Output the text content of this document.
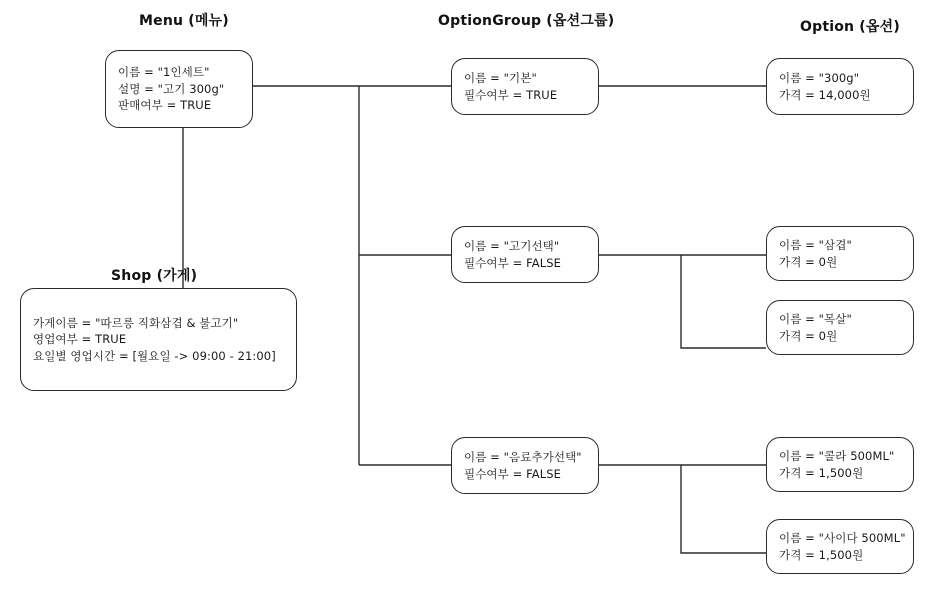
Menu (메뉴)	OptionGroup (옵션그룹)	Option (옵션)
Shop (가게)
이름 = "1인세트"
설명 = "고기 300g"
판매여부 = TRUE
가게이름 = "따르릉 직화삼겹 & 불고기"
영업여부 = TRUE
요일별 영업시간 = [월요일 -> 09:00 - 21:00]
이름 = "기본"
필수여부 = TRUE
이름 = "고기선택"
필수여부 = FALSE
이름 = "음료추가선택"
필수여부 = FALSE
이름 = "300g"
가격 = 14,000원
이름 = "삼겹"
가격 = 0원
이름 = "목살"
가격 = 0원
이름 = "콜라 500ML"
가격 = 1,500원
이름 = "사이다 500ML"
가격 = 1,500원
